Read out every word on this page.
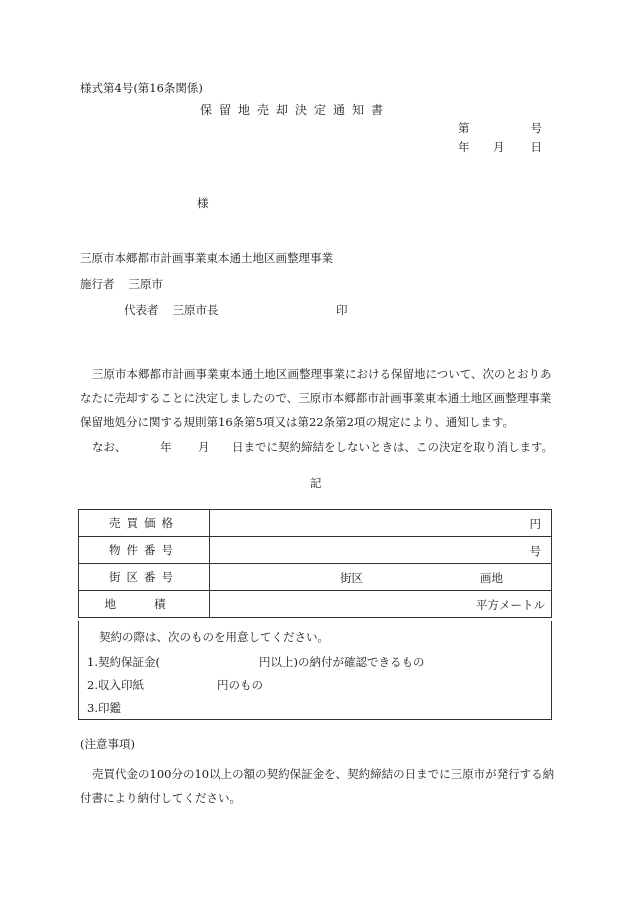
様式第4号(第16条関係)
保留地売却決定通知書
第	号
年 月 日
様
三原市本郷都市計画事業東本通土地区画整理事業
施行者 三原市
代表者 三原市長	印
三原市本郷都市計画事業東本通土地区画整理事業における保留地について、次のとおりあなたに売却することに決定しましたので、三原市本郷都市計画事業東本通土地区画整理事業保留地処分に関する規則第16条第5項又は第22条第2項の規定により、通知します。
なお、	年 月 日までに契約締結をしないときは、この決定を取り消します。
記
売買価格	円

物件番号	号

街区番号	街区 画地

地積	平方メートル
契約の際は、次のものを用意してください。
1.契約保証金(	円以上)の納付が確認できるもの
2.収入印紙	円のもの
3.印鑑
(注意事項)
売買代金の100分の10以上の額の契約保証金を、契約締結の日までに三原市が発行する納付書により納付してください。
